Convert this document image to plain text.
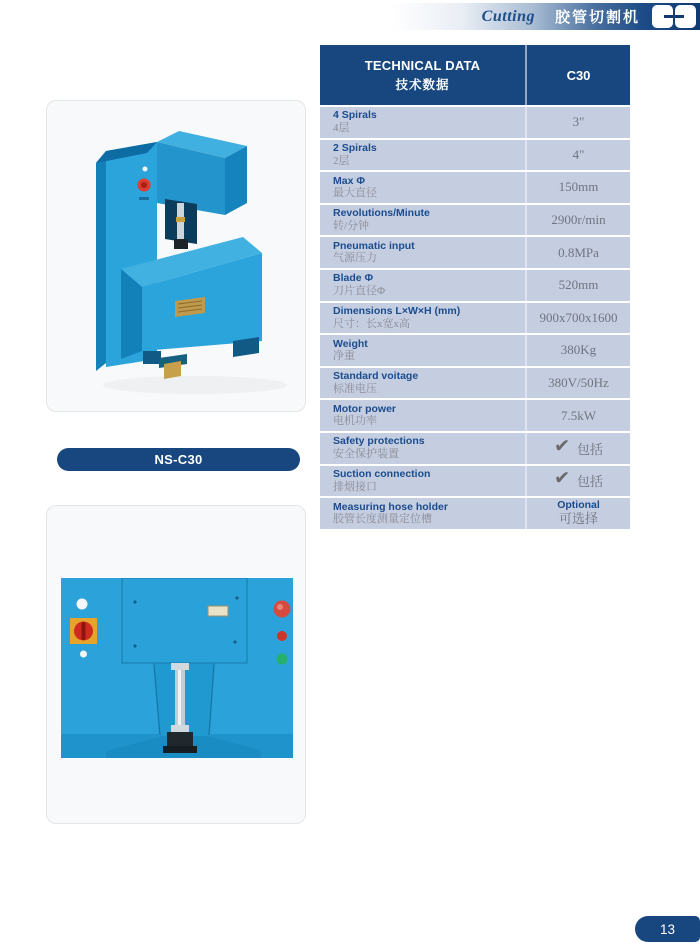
Cutting 胶管切割机
NS-C30
TECHNICAL DATA
技术数据
C30
4 Spirals
4层	3"
2 Spirals
2层	4"
Max Φ
最大直径	150mm
Revolutions/Minute
转/分钟	2900r/min
Pneumatic input
气源压力	0.8MPa
Blade Φ
刀片直径Φ	520mm
Dimensions L×W×H (mm)
尺寸：长x宽x高	900x700x1600
Weight
净重	380Kg
Standard voitage
标准电压	380V/50Hz
Motor power
电机功率	7.5kW
Safety protections
安全保护装置	✔ 包括
Suction connection
排烟接口	✔ 包括
Measuring hose holder
胶管长度测量定位槽
Optional
可选择
13
